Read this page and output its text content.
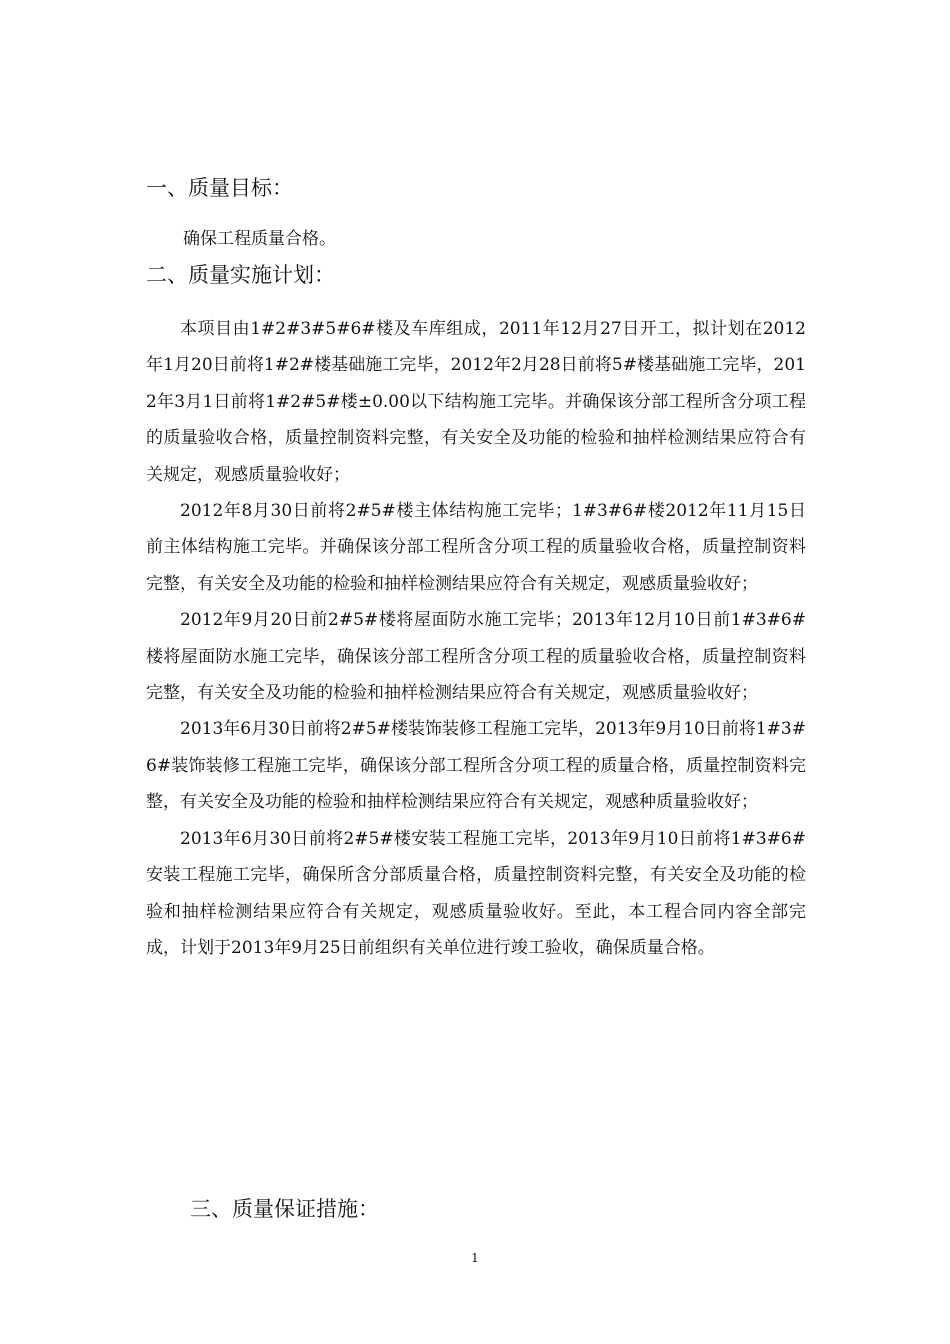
一、质量目标：
确保工程质量合格。
二、质量实施计划：

本项目由1#2#3#5#6#楼及车库组成，2011年12月27日开工，拟计划在2012年1月20日前将1#2#楼基础施工完毕，2012年2月28日前将5#楼基础施工完毕，2012年3月1日前将1#2#5#楼±0.00以下结构施工完毕。并确保该分部工程所含分项工程的质量验收合格，质量控制资料完整，有关安全及功能的检验和抽样检测结果应符合有关规定，观感质量验收好；

2012年8月30日前将2#5#楼主体结构施工完毕；1#3#6#楼2012年11月15日前主体结构施工完毕。并确保该分部工程所含分项工程的质量验收合格，质量控制资料完整，有关安全及功能的检验和抽样检测结果应符合有关规定，观感质量验收好；

2012年9月20日前2#5#楼将屋面防水施工完毕；2013年12月10日前1#3#6#楼将屋面防水施工完毕，确保该分部工程所含分项工程的质量验收合格，质量控制资料完整，有关安全及功能的检验和抽样检测结果应符合有关规定，观感质量验收好；

2013年6月30日前将2#5#楼装饰装修工程施工完毕，2013年9月10日前将1#3#6#装饰装修工程施工完毕，确保该分部工程所含分项工程的质量合格，质量控制资料完整，有关安全及功能的检验和抽样检测结果应符合有关规定，观感种质量验收好；

2013年6月30日前将2#5#楼安装工程施工完毕，2013年9月10日前将1#3#6#安装工程施工完毕，确保所含分部质量合格，质量控制资料完整，有关安全及功能的检验和抽样检测结果应符合有关规定，观感质量验收好。至此，本工程合同内容全部完成，计划于2013年9月25日前组织有关单位进行竣工验收，确保质量合格。

三、质量保证措施：
1
